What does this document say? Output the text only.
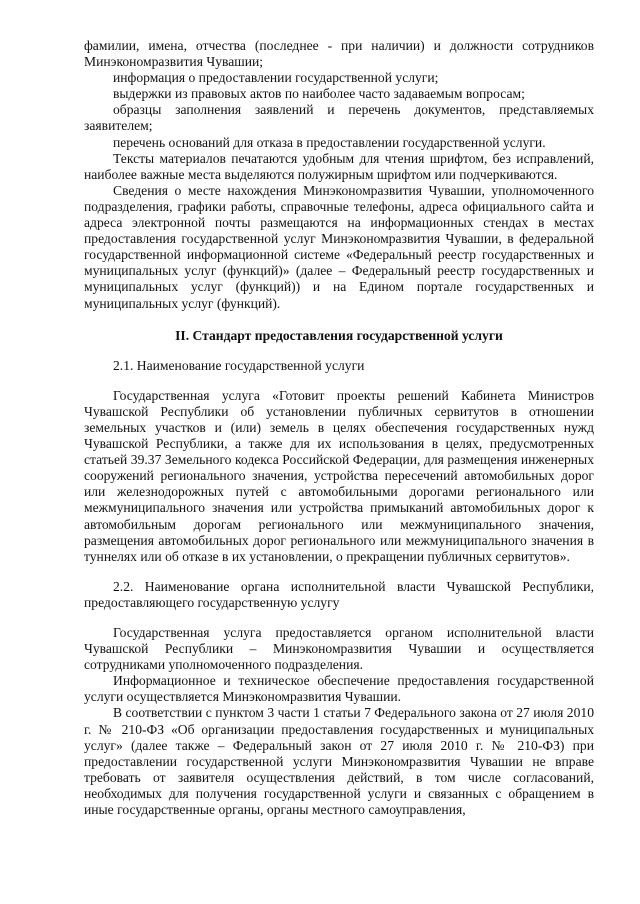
фамилии, имена, отчества (последнее - при наличии) и должности сотрудников Минэкономразвития Чувашии;

информация о предоставлении государственной услуги;

выдержки из правовых актов по наиболее часто задаваемым вопросам;

образцы заполнения заявлений и перечень документов, представляемых заявителем;

перечень оснований для отказа в предоставлении государственной услуги.

Тексты материалов печатаются удобным для чтения шрифтом, без исправлений, наиболее важные места выделяются полужирным шрифтом или подчеркиваются.

Сведения о месте нахождения Минэкономразвития Чувашии, уполномоченного подразделения, графики работы, справочные телефоны, адреса официального сайта и адреса электронной почты размещаются на информационных стендах в местах предоставления государственной услуг Минэкономразвития Чувашии, в федеральной государственной информационной системе «Федеральный реестр государственных и муниципальных услуг (функций)» (далее – Федеральный реестр государственных и муниципальных услуг (функций)) и на Едином портале государственных и муниципальных услуг (функций).

II. Стандарт предоставления государственной услуги

2.1. Наименование государственной услуги

Государственная услуга «Готовит проекты решений Кабинета Министров Чувашской Республики об установлении публичных сервитутов в отношении земельных участков и (или) земель в целях обеспечения государственных нужд Чувашской Республики, а также для их использования в целях, предусмотренных статьей 39.37 Земельного кодекса Российской Федерации, для размещения инженерных сооружений регионального значения, устройства пересечений автомобильных дорог или железнодорожных путей с автомобильными дорогами регионального или межмуниципального значения или устройства примыканий автомобильных дорог к автомобильным дорогам регионального или межмуниципального значения, размещения автомобильных дорог регионального или межмуниципального значения в туннелях или об отказе в их установлении, о прекращении публичных сервитутов».

2.2. Наименование органа исполнительной власти Чувашской Республики, предоставляющего государственную услугу

Государственная услуга предоставляется органом исполнительной власти Чувашской Республики – Минэкономразвития Чувашии и осуществляется сотрудниками уполномоченного подразделения.

Информационное и техническое обеспечение предоставления государственной услуги осуществляется Минэкономразвития Чувашии.

В соответствии с пунктом 3 части 1 статьи 7 Федерального закона от 27 июля 2010 г. № 210-ФЗ «Об организации предоставления государственных и муниципальных услуг» (далее также – Федеральный закон от 27 июля 2010 г. № 210-ФЗ) при предоставлении государственной услуги Минэкономразвития Чувашии не вправе требовать от заявителя осуществления действий, в том числе согласований, необходимых для получения государственной услуги и связанных с обращением в иные государственные органы, органы местного самоуправления,
